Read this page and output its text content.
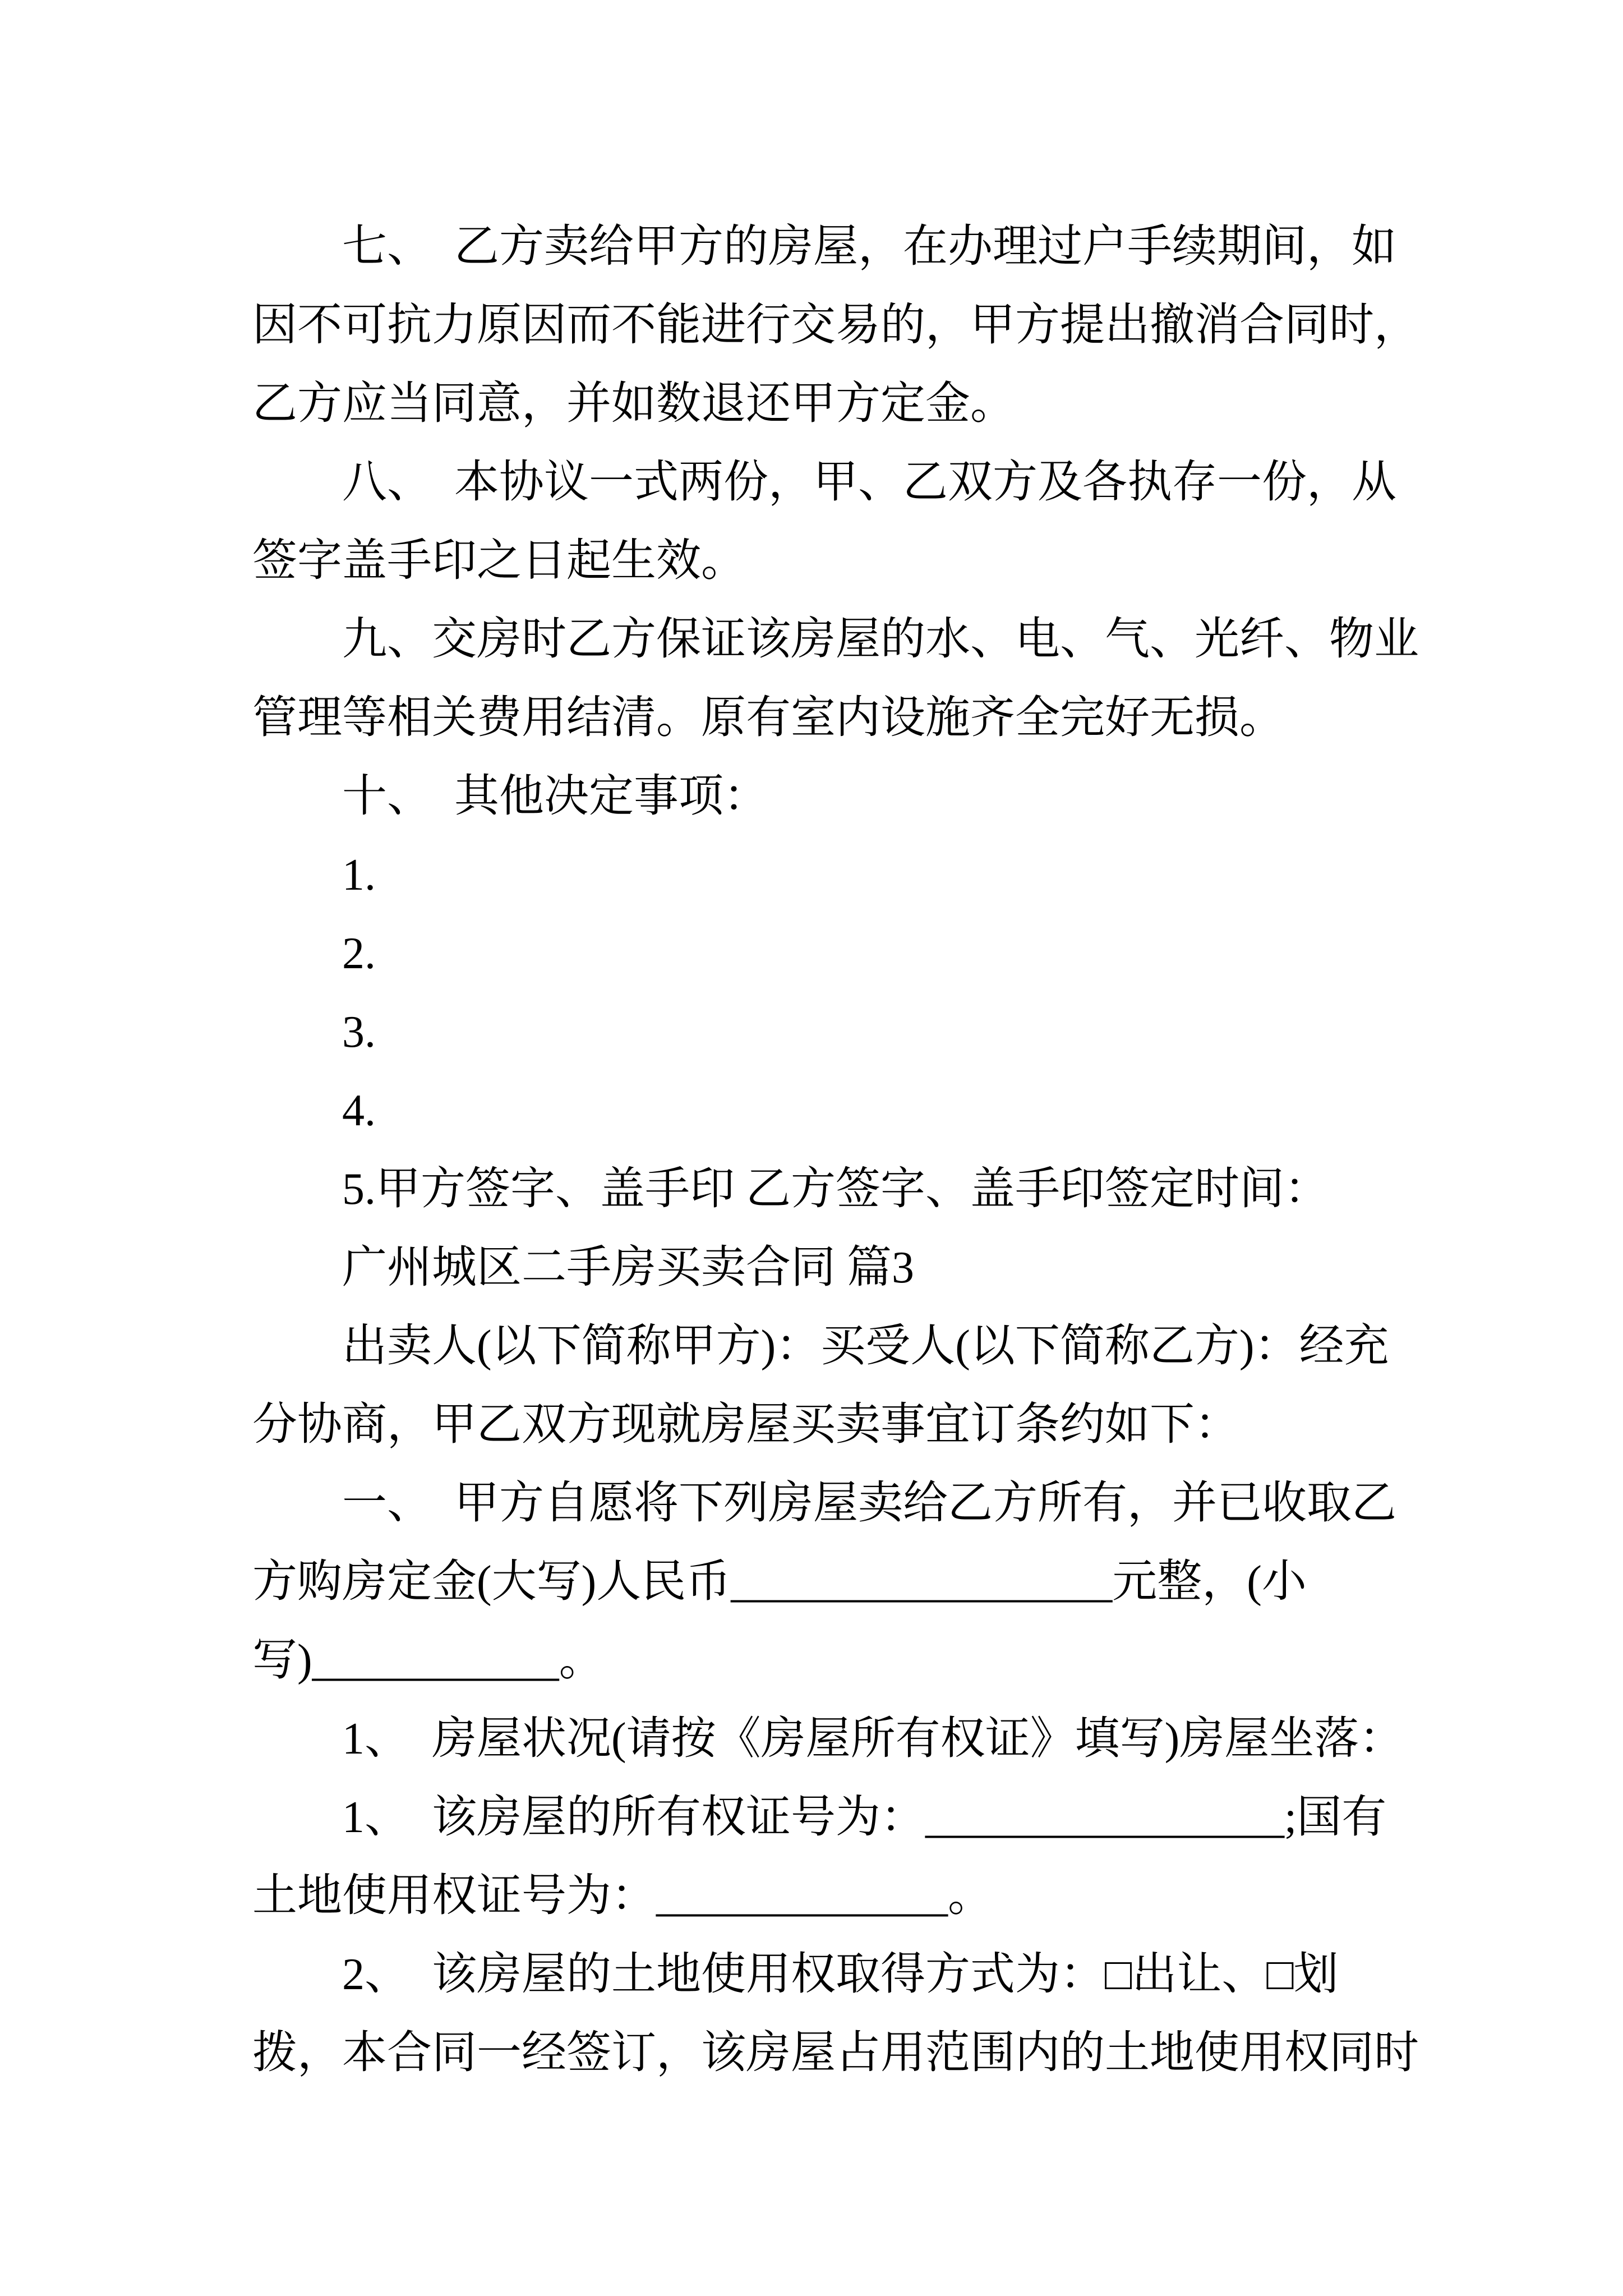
七、　乙方卖给甲方的房屋，在办理过户手续期间，如
因不可抗力原因而不能进行交易的，甲方提出撤消合同时，
乙方应当同意，并如数退还甲方定金。
八、　本协议一式两份，甲、乙双方及各执存一份，从
签字盖手印之日起生效。
九、交房时乙方保证该房屋的水、电、气、光纤、物业
管理等相关费用结清。原有室内设施齐全完好无损。
十、　其他决定事项：
1.
2.
3.
4.
5.甲方签字、盖手印 乙方签字、盖手印签定时间：
广州城区二手房买卖合同 篇3
出卖人(以下简称甲方)：买受人(以下简称乙方)：经充
分协商，甲乙双方现就房屋买卖事宜订条约如下：
一、　甲方自愿将下列房屋卖给乙方所有，并已收取乙
方购房定金(大写)人民币_________________元整，(小
写)___________。
1、　房屋状况(请按《房屋所有权证》填写)房屋坐落：
1、　该房屋的所有权证号为：________________;国有
土地使用权证号为：_____________。
2、　该房屋的土地使用权取得方式为：□出让、□划
拨，本合同一经签订，该房屋占用范围内的土地使用权同时
